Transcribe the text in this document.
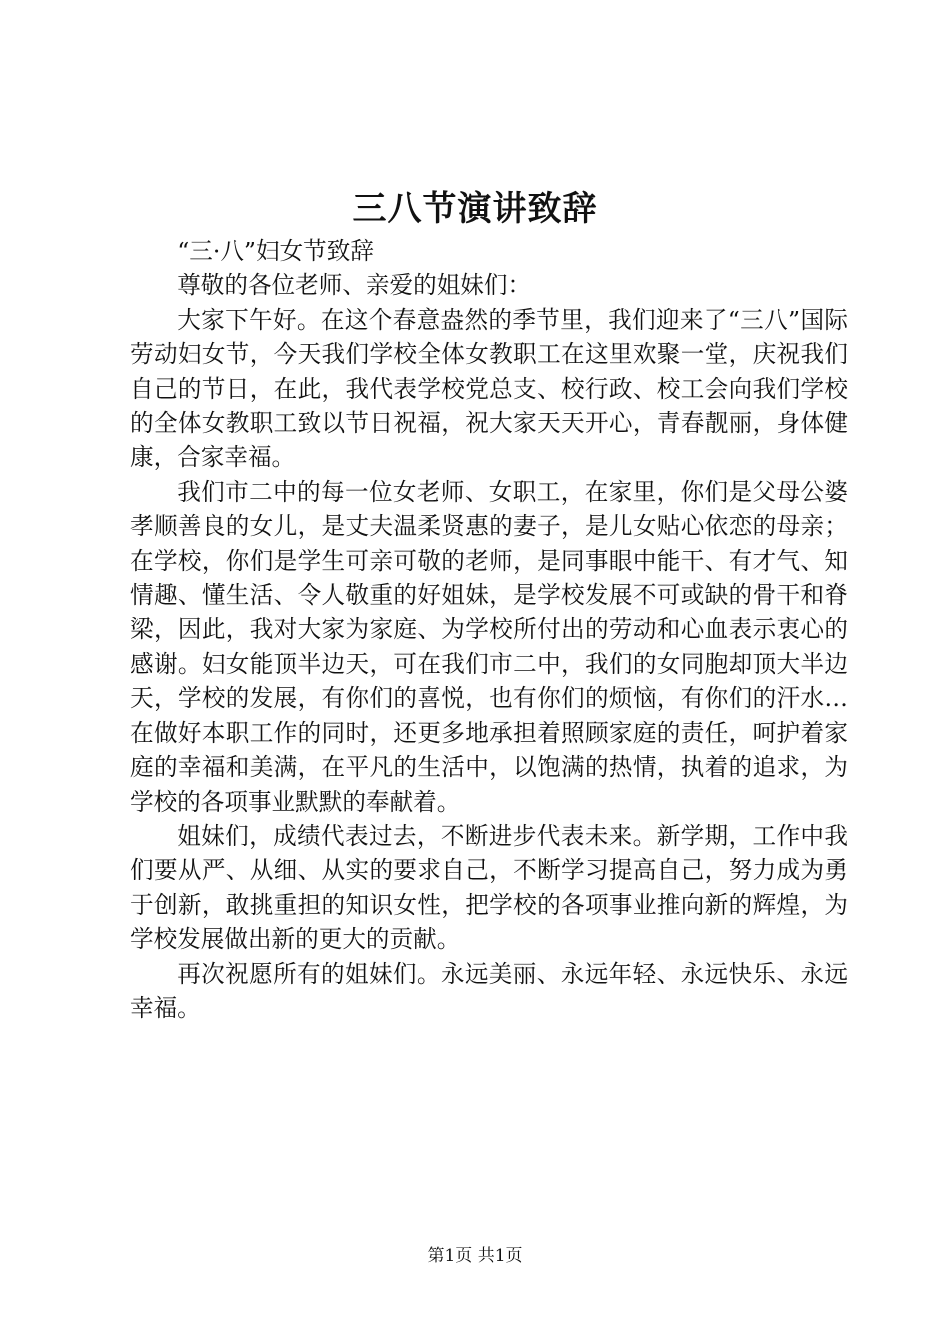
三八节演讲致辞

“三·八”妇女节致辞

尊敬的各位老师、亲爱的姐妹们：

大家下午好。在这个春意盎然的季节里，我们迎来了“三八”国际劳动妇女节，今天我们学校全体女教职工在这里欢聚一堂，庆祝我们自己的节日，在此，我代表学校党总支、校行政、校工会向我们学校的全体女教职工致以节日祝福，祝大家天天开心，青春靓丽，身体健康，合家幸福。

我们市二中的每一位女老师、女职工，在家里，你们是父母公婆孝顺善良的女儿，是丈夫温柔贤惠的妻子，是儿女贴心依恋的母亲；在学校，你们是学生可亲可敬的老师，是同事眼中能干、有才气、知情趣、懂生活、令人敬重的好姐妹，是学校发展不可或缺的骨干和脊梁，因此，我对大家为家庭、为学校所付出的劳动和心血表示衷心的感谢。妇女能顶半边天，可在我们市二中，我们的女同胞却顶大半边天，学校的发展，有你们的喜悦，也有你们的烦恼，有你们的汗水…在做好本职工作的同时，还更多地承担着照顾家庭的责任，呵护着家庭的幸福和美满，在平凡的生活中，以饱满的热情，执着的追求，为学校的各项事业默默的奉献着。

姐妹们，成绩代表过去，不断进步代表未来。新学期，工作中我们要从严、从细、从实的要求自己，不断学习提高自己，努力成为勇于创新，敢挑重担的知识女性，把学校的各项事业推向新的辉煌，为学校发展做出新的更大的贡献。

再次祝愿所有的姐妹们。永远美丽、永远年轻、永远快乐、永远幸福。

第1页 共1页
